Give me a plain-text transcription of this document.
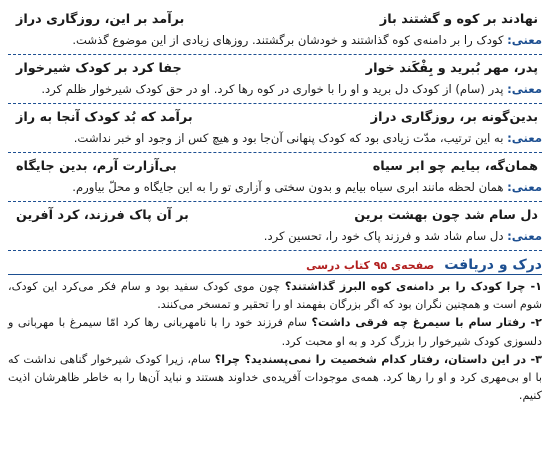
نهادند بر کوه و گشتند باز
برآمد بر این، روزگاری دراز
معنی: کودک را بر دامنه‌ی کوه گذاشتند و خودشان برگشتند. روزهای زیادی از این موضوع گذشت.
پدر، مهر بُبرید و بِفْکَند خوار
جفا کرد بر کودک شیرخوار
معنی: پدر (سام) از کودک دل برید و او را با خواری در کوه رها کرد. او در حق کودک شیرخوار ظلم کرد.
بدین‌گونه بر، روزگاری دراز
برآمد که بُد کودک آنجا به راز
معنی: به این ترتیب، مدّت زیادی بود که کودک پنهانی آن‌جا بود و هیچ کس از وجود او خبر نداشت.
همان‌گه، بیایم چو ابر سیاه
بی‌آزارت آرم، بدین جایگاه
معنی: همان لحظه مانند ابری سیاه بیایم و بدون سختی و آزاری تو را به این جایگاه و محلّ بیاورم.
دل سام شد چون بهشت برین
بر آن پاک فرزند، کرد آفرین
معنی: دل سام شاد شد و فرزند پاک خود را، تحسین کرد.
درک و دریافت
صفحه‌ی ۹۵ کتاب درسی
۱- چرا کودک را بر دامنه‌ی کوه البرز گذاشتند؟ چون موی کودک سفید بود و سام فکر می‌کرد این کودک، شوم است و همچنین نگران بود که اگر بزرگان بفهمند او را تحقیر و تمسخر می‌کنند.
۲- رفتار سام با سیمرغ چه فرقی داشت؟ سام فرزند خود را با نامهربانی رها کرد امّا سیمرغ با مهربانی و دلسوزی کودک شیرخوار را بزرگ کرد و به او محبت کرد.
۳- در این داستان، رفتار کدام شخصیت را نمی‌پسندید؟ چرا؟ سام، زیرا کودک شیرخوار گناهی نداشت که با او بی‌مهری کرد و او را رها کرد. همه‌ی موجودات آفریده‌ی خداوند هستند و نباید آن‌ها را به خاطر ظاهرشان اذیت کنیم.
